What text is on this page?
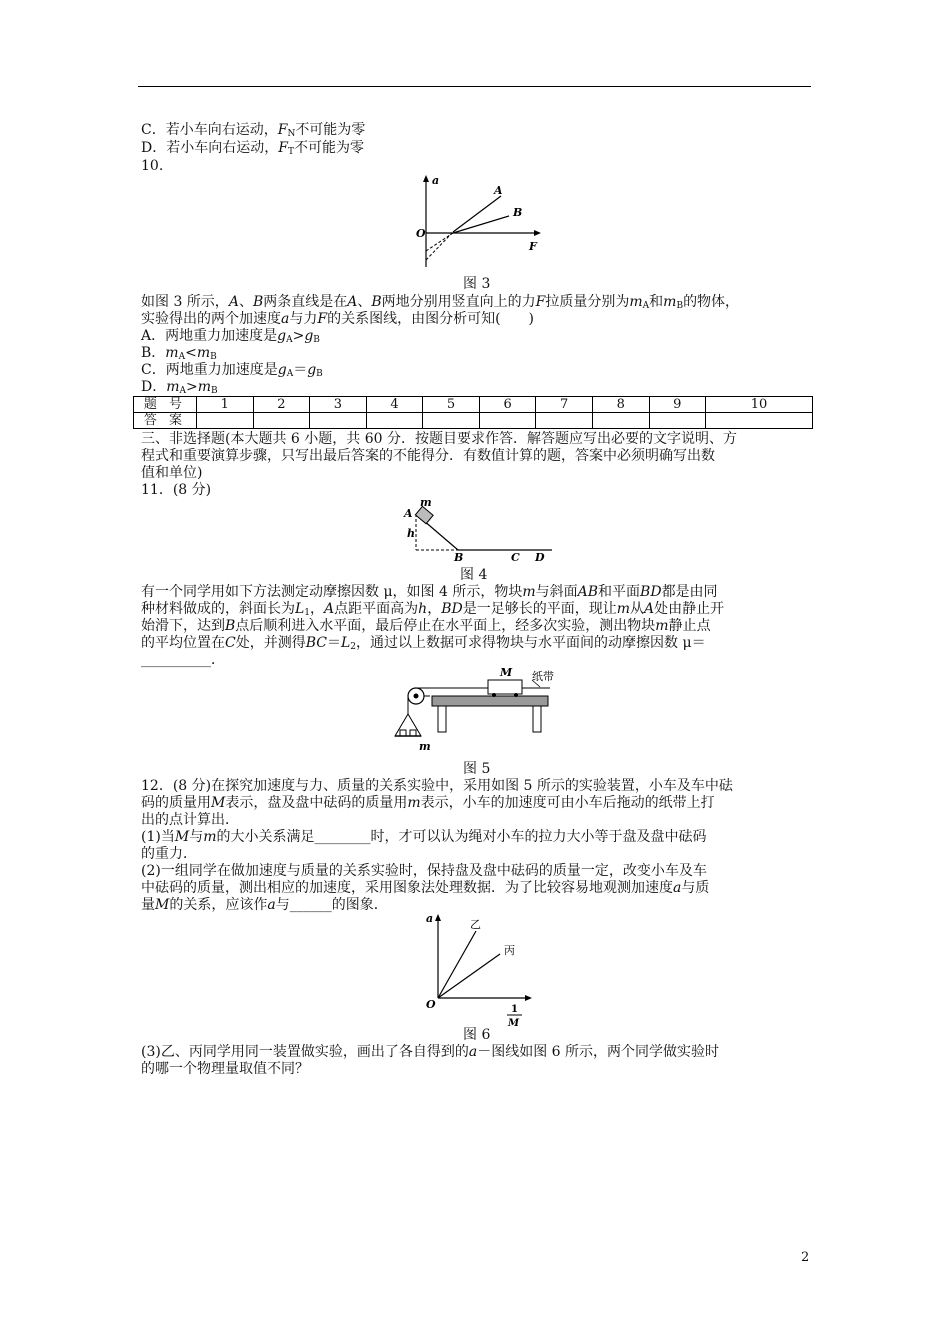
C．若小车向右运动，$F_N$不可能为零
D．若小车向右运动，$F_T$不可能为零
10.
a
O
F
A
B
图 3
如图 3 所示，A、B两条直线是在A、B两地分别用竖直向上的力F拉质量分别为$m_A$和$m_B$的物体，
实验得出的两个加速度a与力F的关系图线，由图分析可知(　　)
A．两地重力加速度是$g_A>g_B$
B．$m_A<m_B$
C．两地重力加速度是$g_A=g_B$
D．$m_A>m_B$
题 号	1	2	3	4	5	6	7	8	9	10
答 案										
三、非选择题(本大题共 6 小题，共 60 分．按题目要求作答．解答题应写出必要的文字说明、方
程式和重要演算步骤，只写出最后答案的不能得分．有数值计算的题，答案中必须明确写出数
值和单位)
11．(8 分)
m
A
h
B	C D
图 4
有一个同学用如下方法测定动摩擦因数 μ，如图 4 所示，物块m与斜面AB和平面BD都是由同
种材料做成的，斜面长为$L_1$，A点距平面高为h，BD是一足够长的平面，现让m从A处由静止开
始滑下，达到B点后顺利进入水平面，最后停止在水平面上，经多次实验，测出物块m静止点
的平均位置在C处，并测得$BC=L_2$，通过以上数据可求得物块与水平面间的动摩擦因数 μ＝
__________．
M 纸带
m
图 5
12．(8 分)在探究加速度与力、质量的关系实验中，采用如图 5 所示的实验装置，小车及车中砝
码的质量用M表示，盘及盘中砝码的质量用m表示，小车的加速度可由小车后拖动的纸带上打
出的点计算出．
(1)当M与m的大小关系满足________时，才可以认为绳对小车的拉力大小等于盘及盘中砝码
的重力．
(2)一组同学在做加速度与质量的关系实验时，保持盘及盘中砝码的质量一定，改变小车及车
中砝码的质量，测出相应的加速度，采用图象法处理数据．为了比较容易地观测加速度a与质
量M的关系，应该作a与______的图象．
a	乙
丙
O	1
M
图 6
(3)乙、丙同学用同一装置做实验，画出了各自得到的a－图线如图 6 所示，两个同学做实验时
的哪一个物理量取值不同？
2
